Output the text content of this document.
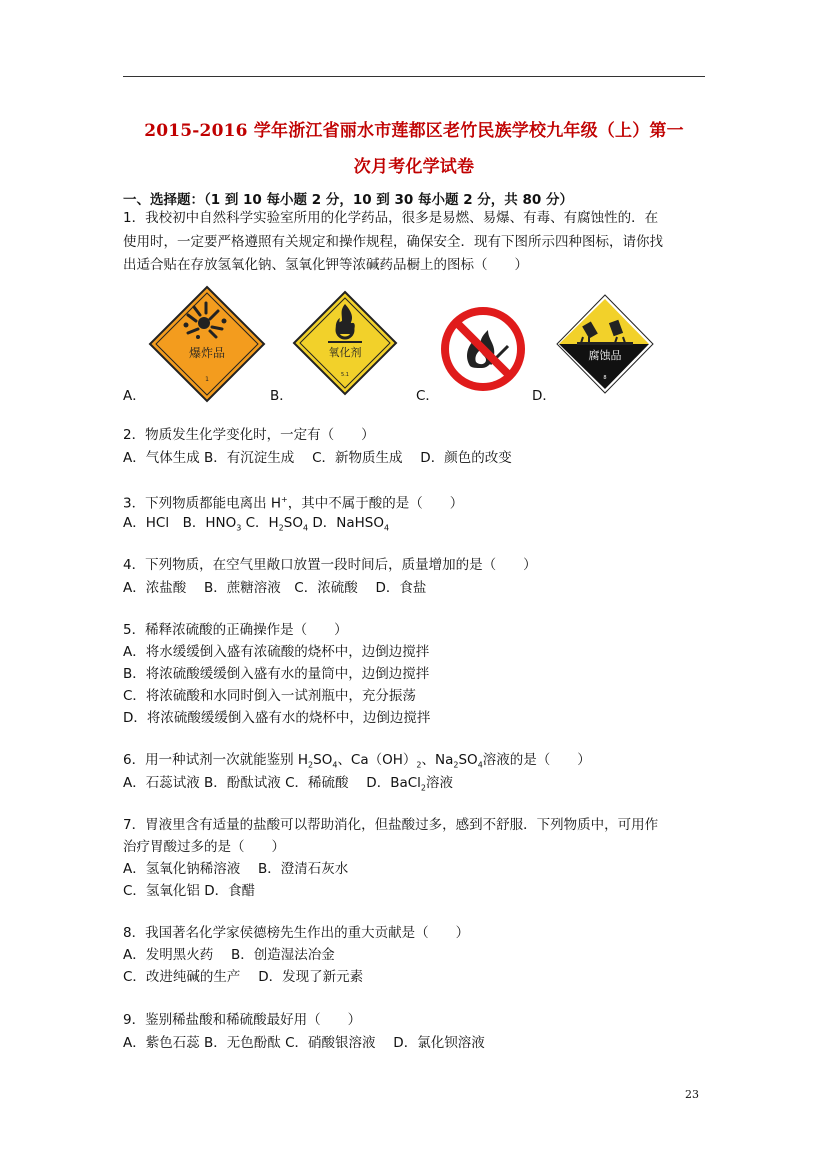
2015-2016 学年浙江省丽水市莲都区老竹民族学校九年级（上）第一
次月考化学试卷
一、选择题：（1 到 10 每小题 2 分，10 到 30 每小题 2 分，共 80 分）
1．我校初中自然科学实验室所用的化学药品，很多是易燃、易爆、有毒、有腐蚀性的．在
使用时，一定要严格遵照有关规定和操作规程，确保安全．现有下图所示四种图标，请你找
出适合贴在存放氢氧化钠、氢氧化钾等浓碱药品橱上的图标（　　）
爆炸品
1
氧化剂
5.1
腐蚀品
8
A．	B．	C．	D．
2．物质发生化学变化时，一定有（　　）
A．气体生成 B．有沉淀生成　 C．新物质生成　 D．颜色的改变
3．下列物质都能电离出 H+，其中不属于酸的是（　　）
A．HCl　B．$HNO_3$ C．$H_2SO_4$ D．NaHSO$_4$
4．下列物质，在空气里敞口放置一段时间后，质量增加的是（　　）
A．浓盐酸　 B．蔗糖溶液　C．浓硫酸　 D．食盐
5．稀释浓硫酸的正确操作是（　　）
A．将水缓缓倒入盛有浓硫酸的烧杯中，边倒边搅拌
B．将浓硫酸缓缓倒入盛有水的量筒中，边倒边搅拌
C．将浓硫酸和水同时倒入一试剂瓶中，充分振荡
D．将浓硫酸缓缓倒入盛有水的烧杯中，边倒边搅拌
6．用一种试剂一次就能鉴别 $H_2SO_4$、$Ca(OH)_2$、$Na_2SO_4$溶液的是（　　）
A．石蕊试液 B．酚酞试液 C．稀硫酸　 D．BaCl$_2$溶液
7．胃液里含有适量的盐酸可以帮助消化，但盐酸过多，感到不舒服．下列物质中，可用作
治疗胃酸过多的是（　　）
A．氢氧化钠稀溶液　 B．澄清石灰水
C．氢氧化铝 D．食醋
8．我国著名化学家侯德榜先生作出的重大贡献是（　　）
A．发明黑火药　 B．创造湿法冶金
C．改进纯碱的生产　 D．发现了新元素
9．鉴别稀盐酸和稀硫酸最好用（　　）
A．紫色石蕊 B．无色酚酞 C．硝酸银溶液　 D．氯化钡溶液
23
